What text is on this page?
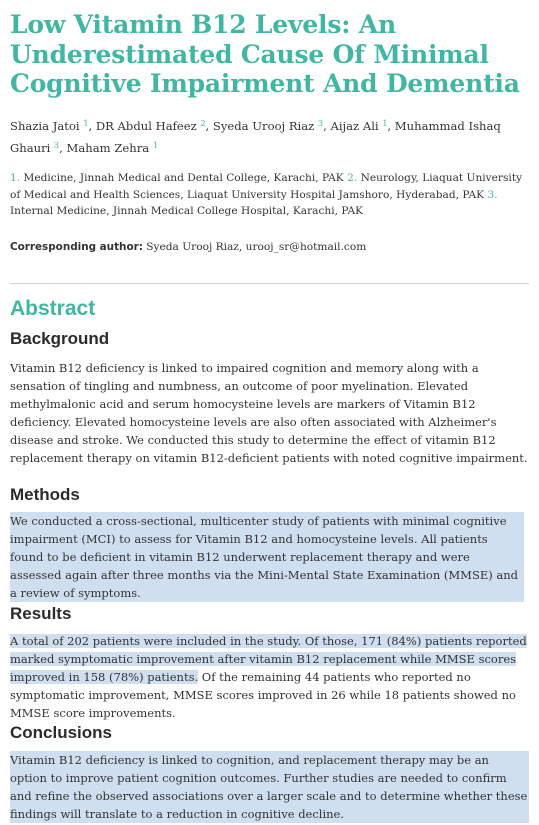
Low Vitamin B12 Levels: An Underestimated Cause Of Minimal Cognitive Impairment And Dementia
Shazia Jatoi $^1$, DR Abdul Hafeez $^2$, Syeda Urooj Riaz $^3$, Aijaz Ali $^1$, Muhammad Ishaq Ghauri $^3$, Maham Zehra $^1$
1. Medicine, Jinnah Medical and Dental College, Karachi, PAK 2. Neurology, Liaquat University of Medical and Health Sciences, Liaquat University Hospital Jamshoro, Hyderabad, PAK 3. Internal Medicine, Jinnah Medical College Hospital, Karachi, PAK
Corresponding author: Syeda Urooj Riaz, urooj_sr@hotmail.com
Abstract
Background

Vitamin B12 deficiency is linked to impaired cognition and memory along with a sensation of tingling and numbness, an outcome of poor myelination. Elevated methylmalonic acid and serum homocysteine levels are markers of Vitamin B12 deficiency. Elevated homocysteine levels are also often associated with Alzheimer's disease and stroke. We conducted this study to determine the effect of vitamin B12 replacement therapy on vitamin B12-deficient patients with noted cognitive impairment.

Methods

We conducted a cross-sectional, multicenter study of patients with minimal cognitive impairment (MCI) to assess for Vitamin B12 and homocysteine levels. All patients found to be deficient in vitamin B12 underwent replacement therapy and were assessed again after three months via the Mini-Mental State Examination (MMSE) and a review of symptoms.

Results

A total of 202 patients were included in the study. Of those, 171 (84%) patients reported marked symptomatic improvement after vitamin B12 replacement while MMSE scores improved in 158 (78%) patients. Of the remaining 44 patients who reported no symptomatic improvement, MMSE scores improved in 26 while 18 patients showed no MMSE score improvements.

Conclusions

Vitamin B12 deficiency is linked to cognition, and replacement therapy may be an option to improve patient cognition outcomes. Further studies are needed to confirm and refine the observed associations over a larger scale and to determine whether these findings will translate to a reduction in cognitive decline.
